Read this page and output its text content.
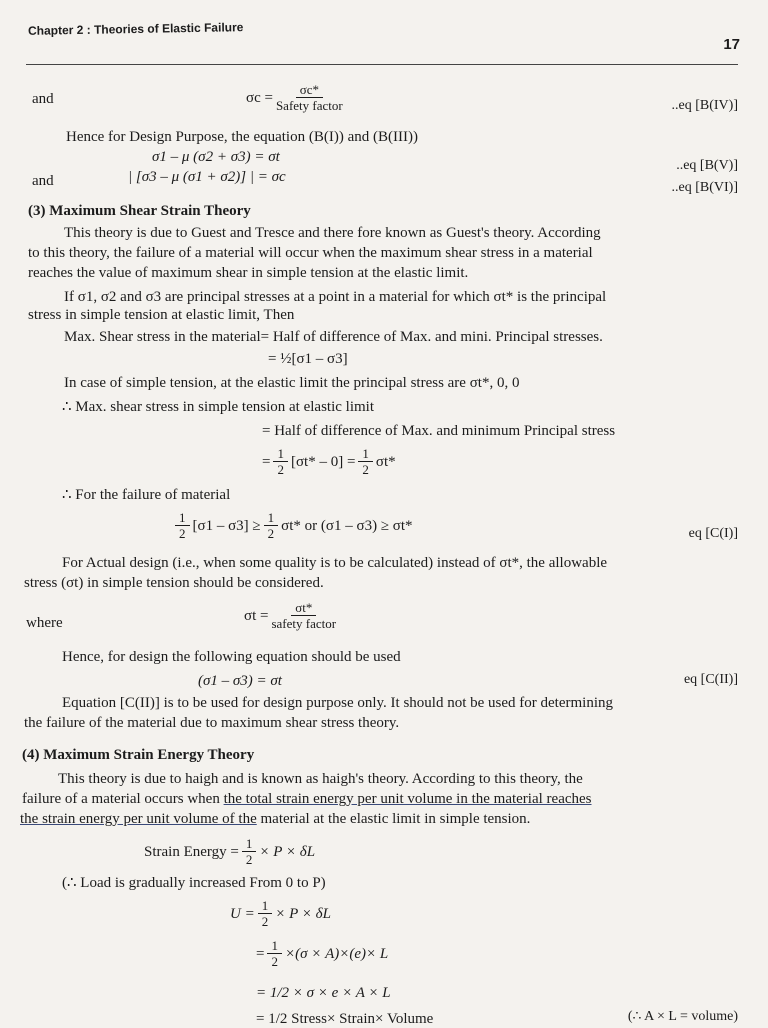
Chapter 2 : Theories of Elastic Failure
17
and	$\sigma c = \frac{\sigma c*}{\text{Safety factor}}$	..eq [B(IV)]
Hence for Design Purpose, the equation (B(I)) and (B(III))
σ1 – μ (σ2 + σ3) = σt
..eq [B(V)]
and	| [σ3 – μ (σ1 + σ2)] | = σc
..eq [B(VI)]
(3) Maximum Shear Strain Theory
This theory is due to Guest and Tresce and there fore known as Guest's theory. According
to this theory, the failure of a material will occur when the maximum shear stress in a material
reaches the value of maximum shear in simple tension at the elastic limit.
If σ1, σ2 and σ3 are principal stresses at a point in a material for which σt* is the principal
stress in simple tension at elastic limit, Then
Max. Shear stress in the material= Half of difference of Max. and mini. Principal stresses.
= ½[σ1 – σ3]
In case of simple tension, at the elastic limit the principal stress are σt*, 0, 0
∴ Max. shear stress in simple tension at elastic limit
= Half of difference of Max. and minimum Principal stress
= $\frac{1}{2} [\sigma t* - 0] = \frac{1}{2} \sigma t*$
∴ For the failure of material
$\frac{1}{2} [\sigma 1 - \sigma 3] \ge \frac{1}{2} \sigma t*$ or (σ1 – σ3) ≥ σt*	eq [C(I)]
For Actual design (i.e., when some quality is to be calculated) instead of σt*, the allowable
stress (σt) in simple tension should be considered.
where	$\sigma t = \frac{\sigma t*}{\text{safety factor}}$
Hence, for design the following equation should be used
(σ1 – σ3) = σt	eq [C(II)]
Equation [C(II)] is to be used for design purpose only. It should not be used for determining
the failure of the material due to maximum shear stress theory.
(4) Maximum Strain Energy Theory
This theory is due to haigh and is known as haigh's theory. According to this theory, the
failure of a material occurs when the total strain energy per unit volume in the material reaches
the strain energy per unit volume of the material at the elastic limit in simple tension.
Strain Energy = $\frac{1}{2} \times P \times \delta L$
(∴ Load is gradually increased From 0 to P)
$U = \frac{1}{2} \times P \times \delta L$
= $\frac{1}{2} \times(\sigma \times A)\times(e)\times L$
= 1/2 × σ × e × A × L
= 1/2 Stress× Strain× Volume	(∴ A × L = volume)
